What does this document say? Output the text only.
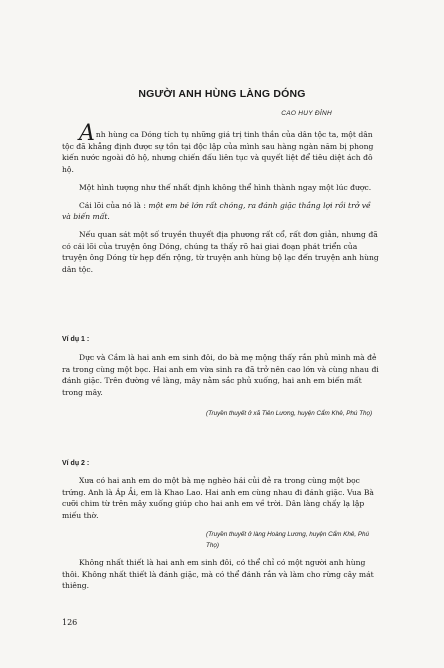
NGƯỜI ANH HÙNG LÀNG DÓNG
CAO HUY ĐỈNH

Anh hùng ca Dóng tích tụ những giá trị tinh thần của dân tộc ta, một dân tộc đã khẳng định được sự tồn tại độc lập của mình sau hàng ngàn năm bị phong kiến nước ngoài đô hộ, nhưng chiến đấu liên tục và quyết liệt để tiêu diệt ách đô hộ.

Một hình tượng như thế nhất định không thể hình thành ngay một lúc được.

Cái lõi của nó là : một em bé lớn rất chóng, ra đánh giặc thắng lợi rồi trở về và biến mất.

Nếu quan sát một số truyền thuyết địa phương rất cổ, rất đơn giản, nhưng đã có cái lõi của truyện ông Dóng, chúng ta thấy rõ hai giai đoạn phát triển của truyện ông Dóng từ hẹp đến rộng, từ truyện anh hùng bộ lạc đến truyện anh hùng dân tộc.

Ví dụ 1 :

Dực và Cầm là hai anh em sinh đôi, do bà mẹ mộng thấy rắn phủ mình mà đẻ ra trong cùng một bọc. Hai anh em vừa sinh ra đã trở nên cao lớn và cùng nhau đi đánh giặc. Trên đường về làng, mây nằm sắc phủ xuống, hai anh em biến mất trong mây.

(Truyền thuyết ở xã Tiên Lương, huyện Cẩm Khê, Phú Thọ)
Ví dụ 2 :

Xưa có hai anh em do một bà mẹ nghèo hái củi đẻ ra trong cùng một bọc trứng. Anh là Áp Ải, em là Khao Lao. Hai anh em cùng nhau đi đánh giặc. Vua Bà cưỡi chim từ trên mây xuống giúp cho hai anh em về trời. Dân làng chấy lạ lập miếu thờ.

(Truyền thuyết ở làng Hoàng Lương, huyện Cẩm Khê, Phú Thọ)

Không nhất thiết là hai anh em sinh đôi, có thể chỉ có một người anh hùng thôi. Không nhất thiết là đánh giặc, mà có thể đánh rắn và làm cho rừng cây mát thiêng.

126
